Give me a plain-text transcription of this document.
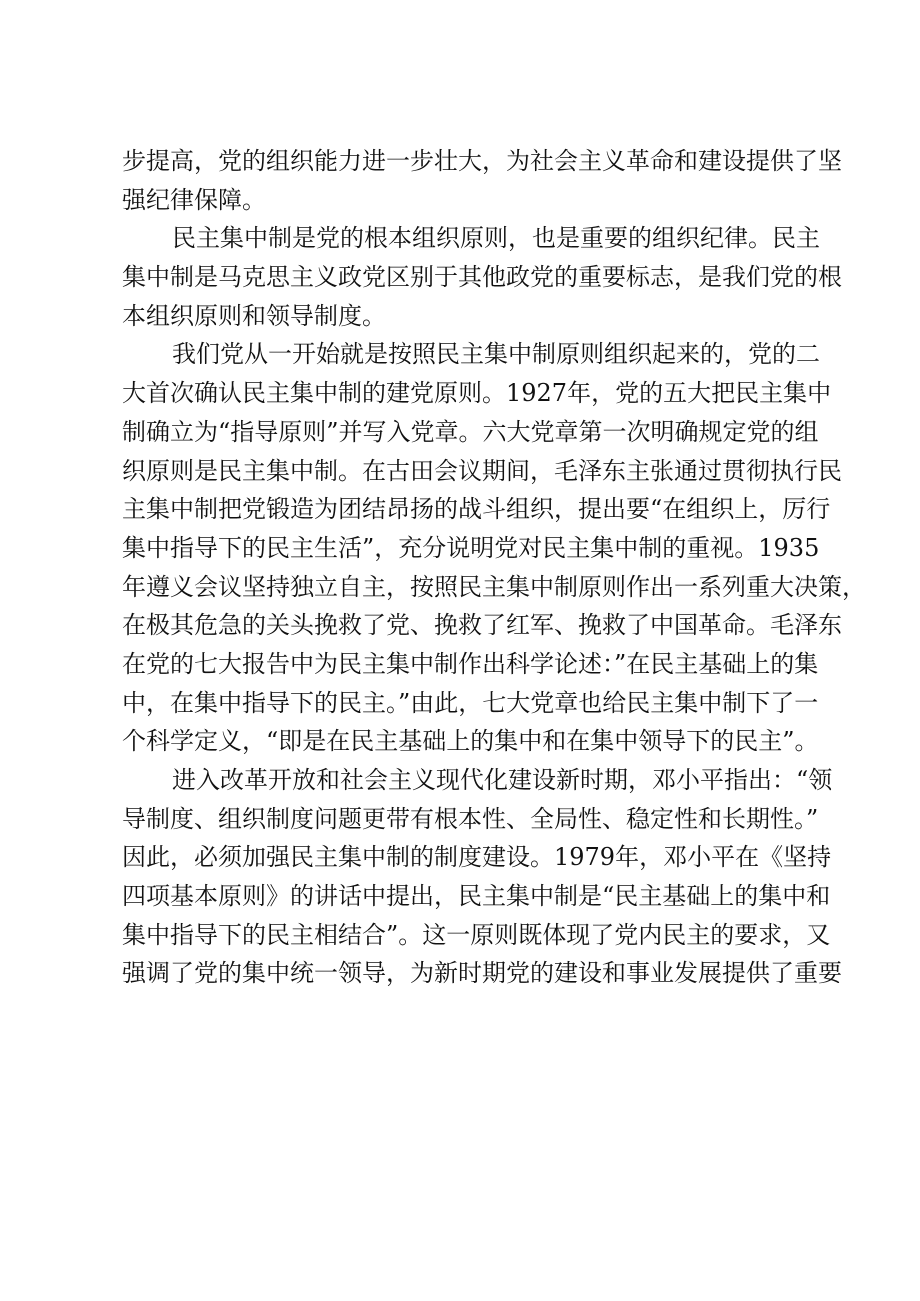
步提高，党的组织能力进一步壮大，为社会主义革命和建设提供了坚
强纪律保障。
民主集中制是党的根本组织原则，也是重要的组织纪律。民主
集中制是马克思主义政党区别于其他政党的重要标志，是我们党的根
本组织原则和领导制度。
我们党从一开始就是按照民主集中制原则组织起来的，党的二
大首次确认民主集中制的建党原则。1927年，党的五大把民主集中
制确立为“指导原则”并写入党章。六大党章第一次明确规定党的组
织原则是民主集中制。在古田会议期间，毛泽东主张通过贯彻执行民
主集中制把党锻造为团结昂扬的战斗组织，提出要“在组织上，厉行
集中指导下的民主生活”，充分说明党对民主集中制的重视。1935
年遵义会议坚持独立自主，按照民主集中制原则作出一系列重大决策，
在极其危急的关头挽救了党、挽救了红军、挽救了中国革命。毛泽东
在党的七大报告中为民主集中制作出科学论述：”在民主基础上的集
中，在集中指导下的民主。”由此，七大党章也给民主集中制下了一
个科学定义，“即是在民主基础上的集中和在集中领导下的民主”。
进入改革开放和社会主义现代化建设新时期，邓小平指出：“领
导制度、组织制度问题更带有根本性、全局性、稳定性和长期性。”
因此，必须加强民主集中制的制度建设。1979年，邓小平在《坚持
四项基本原则》的讲话中提出，民主集中制是“民主基础上的集中和
集中指导下的民主相结合”。这一原则既体现了党内民主的要求，又
强调了党的集中统一领导，为新时期党的建设和事业发展提供了重要
